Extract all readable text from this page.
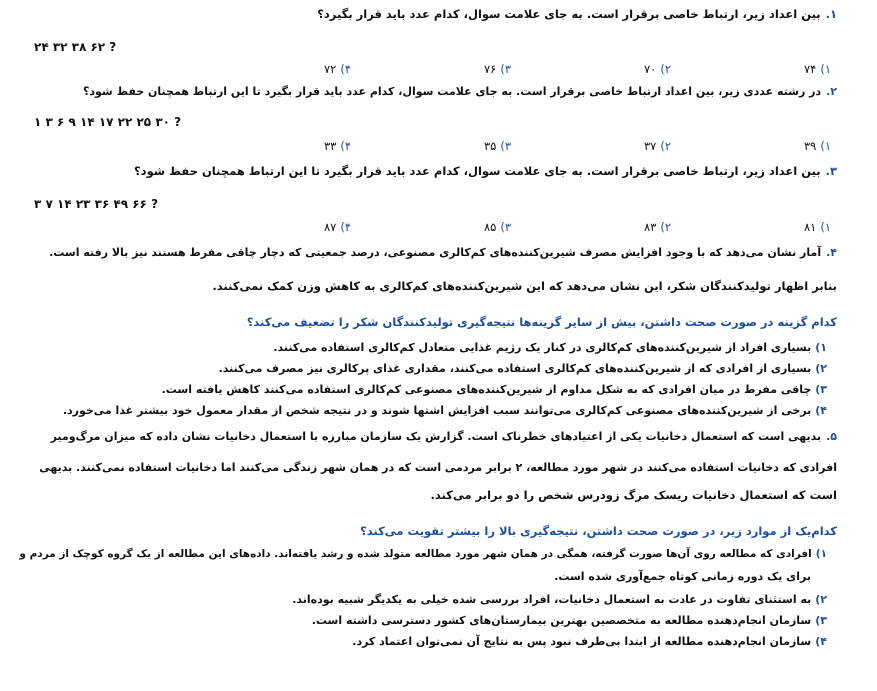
۱.بین اعداد زیر، ارتباط خاصی برقرار است. به جای علامت سوال، کدام عدد باید قرار بگیرد؟
۲۴ ۳۲ ۳۸ ۶۲ ?
۱)۷۴
۲)۷۰
۳)۷۶
۴)۷۲
۲.در رشته عددی زیر، بین اعداد ارتباط خاصی برقرار است. به جای علامت سوال، کدام عدد باید قرار بگیرد تا این ارتباط همچنان حفظ شود؟
۱ ۳ ۶ ۹ ۱۴ ۱۷ ۲۲ ۲۵ ۳۰ ?
۱)۳۹
۲)۳۷
۳)۳۵
۴)۳۳
۳.بین اعداد زیر، ارتباط خاصی برقرار است. به جای علامت سوال، کدام عدد باید قرار بگیرد تا این ارتباط همچنان حفظ شود؟
۳ ۷ ۱۴ ۲۳ ۳۶ ۴۹ ۶۶ ?
۱)۸۱
۲)۸۳
۳)۸۵
۴)۸۷
۴.آمار نشان می‌دهد که با وجود افزایش مصرف شیرین‌کننده‌های کم‌کالری مصنوعی، درصد جمعیتی که دچار چاقی مفرط هستند نیز بالا رفته است.
بنابر اظهار تولیدکنندگان شکر، این نشان می‌دهد که این شیرین‌کننده‌های کم‌کالری به کاهش وزن کمک نمی‌کنند.
کدام گزینه در صورت صحت داشتن، بیش از سایر گزینه‌ها نتیجه‌گیری تولیدکنندگان شکر را تضعیف می‌کند؟
۱)بسیاری افراد از شیرین‌کننده‌های کم‌کالری در کنار یک رژیم غذایی متعادل کم‌کالری استفاده می‌کنند.
۲)بسیاری از افرادی که از شیرین‌کننده‌های کم‌کالری استفاده می‌کنند، مقداری غذای پرکالری نیز مصرف می‌کنند.
۳)چاقی مفرط در میان افرادی که به شکل مداوم از شیرین‌کننده‌های مصنوعی کم‌کالری استفاده می‌کنند کاهش یافته است.
۴)برخی از شیرین‌کننده‌های مصنوعی کم‌کالری می‌توانند سبب افزایش اشتها شوند و در نتیجه شخص از مقدار معمول خود بیشتر غذا می‌خورد.
۵.بدیهی است که استعمال دخانیات یکی از اعتیادهای خطرناک است. گزارش یک سازمان مبارزه با استعمال دخانیات نشان داده که میزان مرگ‌ومیر
افرادی که دخانیات استفاده می‌کنند در شهر مورد مطالعه، ۲ برابر مردمی است که در همان شهر زندگی می‌کنند اما دخانیات استفاده نمی‌کنند. بدیهی
است که استعمال دخانیات ریسک مرگ زودرس شخص را دو برابر می‌کند.
کدام‌یک از موارد زیر، در صورت صحت داشتن، نتیجه‌گیری بالا را بیشتر تقویت می‌کند؟
۱)افرادی که مطالعه روی آن‌ها صورت گرفته، همگی در همان شهر مورد مطالعه متولد شده و رشد یافته‌اند. داده‌های این مطالعه از یک گروه کوچک از مردم و
برای یک دوره زمانی کوتاه جمع‌آوری شده است.
۲)به استثنای تفاوت در عادت به استعمال دخانیات، افراد بررسی شده خیلی به یکدیگر شبیه بوده‌اند.
۳)سازمان انجام‌دهنده مطالعه به متخصصین بهترین بیمارستان‌های کشور دسترسی داشته است.
۴)سازمان انجام‌دهنده مطالعه از ابتدا بی‌طرف نبود پس به نتایج آن نمی‌توان اعتماد کرد.
